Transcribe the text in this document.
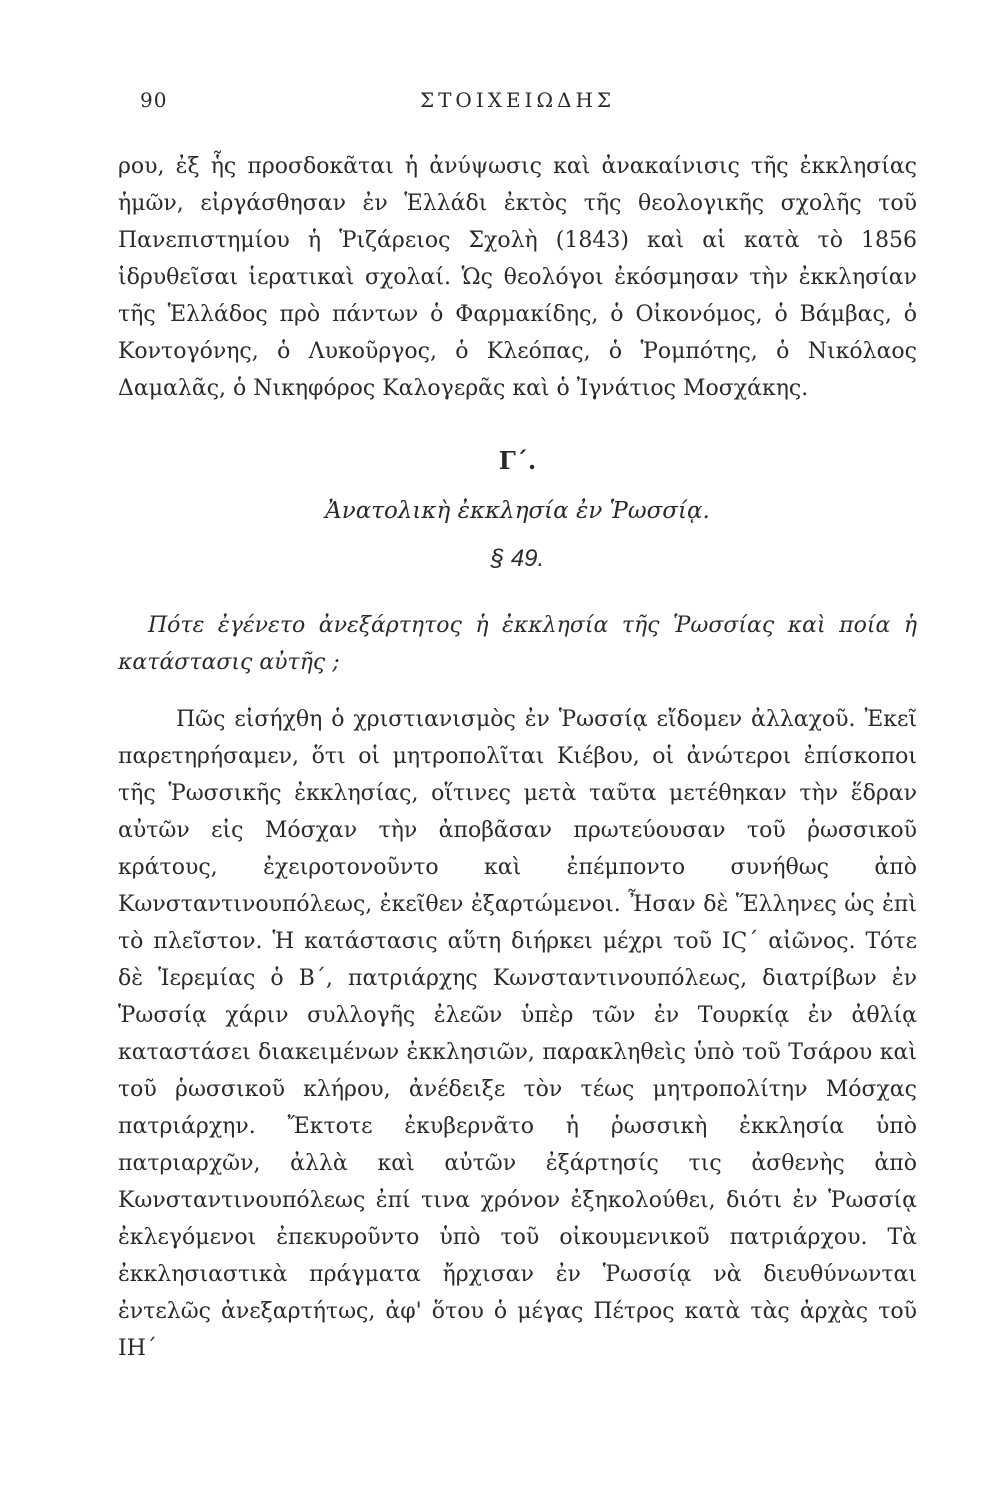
90	ΣΤΟΙΧΕΙΩΔΗΣ

ρου, ἐξ ἧς προσδοκᾶται ἡ ἀνύψωσις καὶ ἀνακαίνισις τῆς ἐκκλησίας ἡμῶν, εἰργάσθησαν ἐν Ἑλλάδι ἐκτὸς τῆς θεολογικῆς σχολῆς τοῦ Πανεπιστημίου ἡ Ῥιζάρειος Σχολὴ (1843) καὶ αἱ κατὰ τὸ 1856 ἱδρυθεῖσαι ἱερατικαὶ σχολαί. Ὡς θεολόγοι ἐκόσμησαν τὴν ἐκκλησίαν τῆς Ἑλλάδος πρὸ πάντων ὁ Φαρμακίδης, ὁ Οἰκονόμος, ὁ Βάμβας, ὁ Κοντογόνης, ὁ Λυκοῦργος, ὁ Κλεόπας, ὁ Ῥομπότης, ὁ Νικόλαος Δαμαλᾶς, ὁ Νικηφόρος Καλογερᾶς καὶ ὁ Ἰγνάτιος Μοσχάκης.

Γ΄.
Ἀνατολικὴ ἐκκλησία ἐν Ῥωσσίᾳ.
§ 49.

Πότε ἐγένετο ἀνεξάρτητος ἡ ἐκκλησία τῆς Ῥωσσίας καὶ ποία ἡ κατάστασις αὐτῆς ;

Πῶς εἰσήχθη ὁ χριστιανισμὸς ἐν Ῥωσσίᾳ εἴδομεν ἀλλαχοῦ. Ἐκεῖ παρετηρήσαμεν, ὅτι οἱ μητροπολῖται Κιέβου, οἱ ἀνώτεροι ἐπίσκοποι τῆς Ῥωσσικῆς ἐκκλησίας, οἵτινες μετὰ ταῦτα μετέθηκαν τὴν ἕδραν αὐτῶν εἰς Μόσχαν τὴν ἀποβᾶσαν πρωτεύουσαν τοῦ ῥωσσικοῦ κράτους, ἐχειροτονοῦντο καὶ ἐπέμποντο συνήθως ἀπὸ Κωνσταντινουπόλεως, ἐκεῖθεν ἐξαρτώμενοι. Ἦσαν δὲ Ἕλληνες ὡς ἐπὶ τὸ πλεῖστον. Ἡ κατάστασις αὕτη διήρκει μέχρι τοῦ ΙϚ΄ αἰῶνος. Τότε δὲ Ἱερεμίας ὁ Β΄, πατριάρχης Κωνσταντινουπόλεως, διατρίβων ἐν Ῥωσσίᾳ χάριν συλλογῆς ἐλεῶν ὑπὲρ τῶν ἐν Τουρκίᾳ ἐν ἀθλίᾳ καταστάσει διακειμένων ἐκκλησιῶν, παρακληθεὶς ὑπὸ τοῦ Τσάρου καὶ τοῦ ῥωσσικοῦ κλήρου, ἀνέδειξε τὸν τέως μητροπολίτην Μόσχας πατριάρχην. Ἔκτοτε ἐκυβερνᾶτο ἡ ῥωσσικὴ ἐκκλησία ὑπὸ πατριαρχῶν, ἀλλὰ καὶ αὐτῶν ἐξάρτησίς τις ἀσθενὴς ἀπὸ Κωνσταντινουπόλεως ἐπί τινα χρόνον ἐξηκολούθει, διότι ἐν Ῥωσσίᾳ ἐκλεγόμενοι ἐπεκυροῦντο ὑπὸ τοῦ οἰκουμενικοῦ πατριάρχου. Τὰ ἐκκλησιαστικὰ πράγματα ἤρχισαν ἐν Ῥωσσίᾳ νὰ διευθύνωνται ἐντελῶς ἀνεξαρτήτως, ἀφ' ὅτου ὁ μέγας Πέτρος κατὰ τὰς ἀρχὰς τοῦ ΙΗ΄
